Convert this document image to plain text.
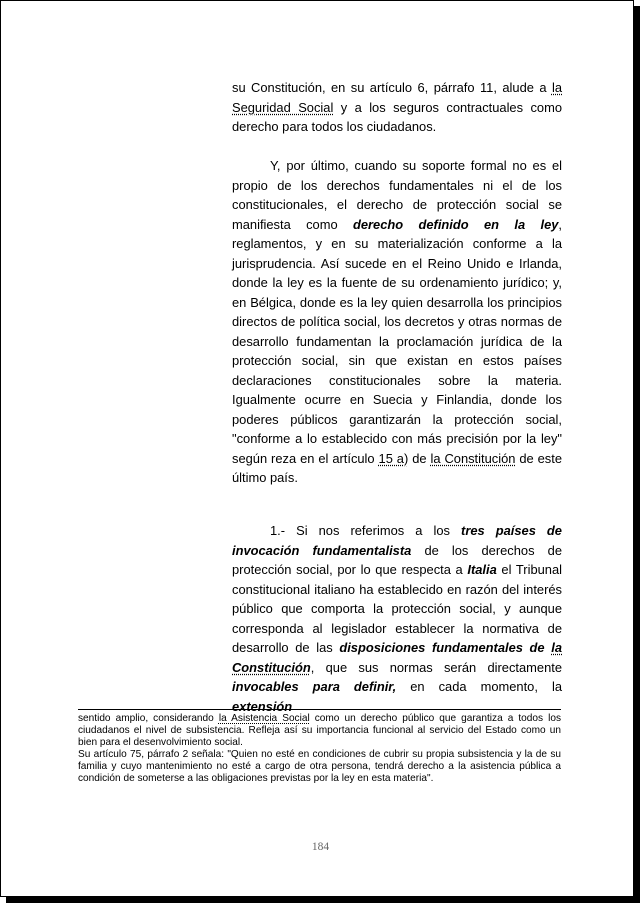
su Constitución, en su artículo 6, párrafo 11, alude a la Seguridad Social y a los seguros contractuales como derecho para todos los ciudadanos.

Y, por último, cuando su soporte formal no es el propio de los derechos fundamentales ni el de los constitucionales, el derecho de protección social se manifiesta como derecho definido en la ley, reglamentos, y en su materialización conforme a la jurisprudencia. Así sucede en el Reino Unido e Irlanda, donde la ley es la fuente de su ordenamiento jurídico; y, en Bélgica, donde es la ley quien desarrolla los principios directos de política social, los decretos y otras normas de desarrollo fundamentan la proclamación jurídica de la protección social, sin que existan en estos países declaraciones constitucionales sobre la materia. Igualmente ocurre en Suecia y Finlandia, donde los poderes públicos garantizarán la protección social, "conforme a lo establecido con más precisión por la ley" según reza en el artículo 15 a) de la Constitución de este último país.

1.- Si nos referimos a los tres países de invocación fundamentalista de los derechos de protección social, por lo que respecta a Italia el Tribunal constitucional italiano ha establecido en razón del interés público que comporta la protección social, y aunque corresponda al legislador establecer la normativa de desarrollo de las disposiciones fundamentales de la Constitución, que sus normas serán directamente invocables para definir, en cada momento, la extensión

sentido amplio, considerando la Asistencia Social como un derecho público que garantiza a todos los ciudadanos el nivel de subsistencia. Refleja así su importancia funcional al servicio del Estado como un bien para el desenvolvimiento social.

Su artículo 75, párrafo 2 señala: "Quien no esté en condiciones de cubrir su propia subsistencia y la de su familia y cuyo mantenimiento no esté a cargo de otra persona, tendrá derecho a la asistencia pública a condición de someterse a las obligaciones previstas por la ley en esta materia".

184
